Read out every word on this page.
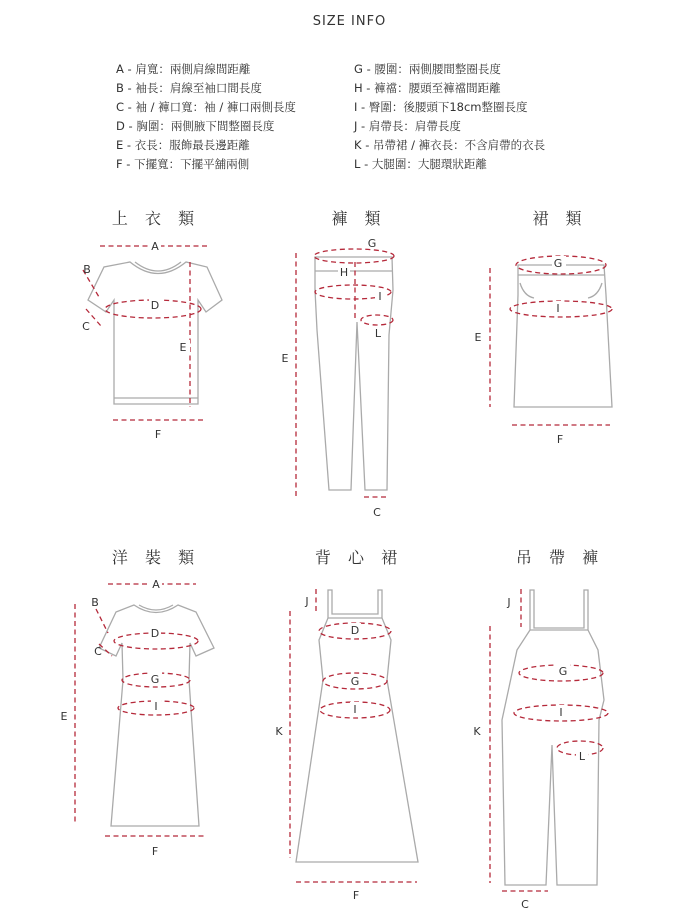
SIZE INFO
A - 肩寬：兩側肩線間距離
B - 袖長：肩線至袖口間長度
C - 袖 / 褲口寬：袖 / 褲口兩側長度
D - 胸圍：兩側腋下間整圈長度
E - 衣長：服飾最長邊距離
F - 下擺寬：下擺平舖兩側
G - 腰圍：兩側腰間整圈長度
H - 褲襠：腰頭至褲襠間距離
I - 臀圍：後腰頭下18cm整圈長度
J - 肩帶長：肩帶長度
K - 吊帶裙 / 褲衣長：不含肩帶的衣長
L - 大腿圍：大腿環狀距離
上 衣 類	褲 類	裙 類
洋 裝 類	背 心 裙	吊 帶 褲
A
B
C
D
E
F
G
H
I
L
E
C
G
I
E
F
A
B
C
D
G
I
E
F
J
D
G
I
K
F
J
G
I
L
K
C
